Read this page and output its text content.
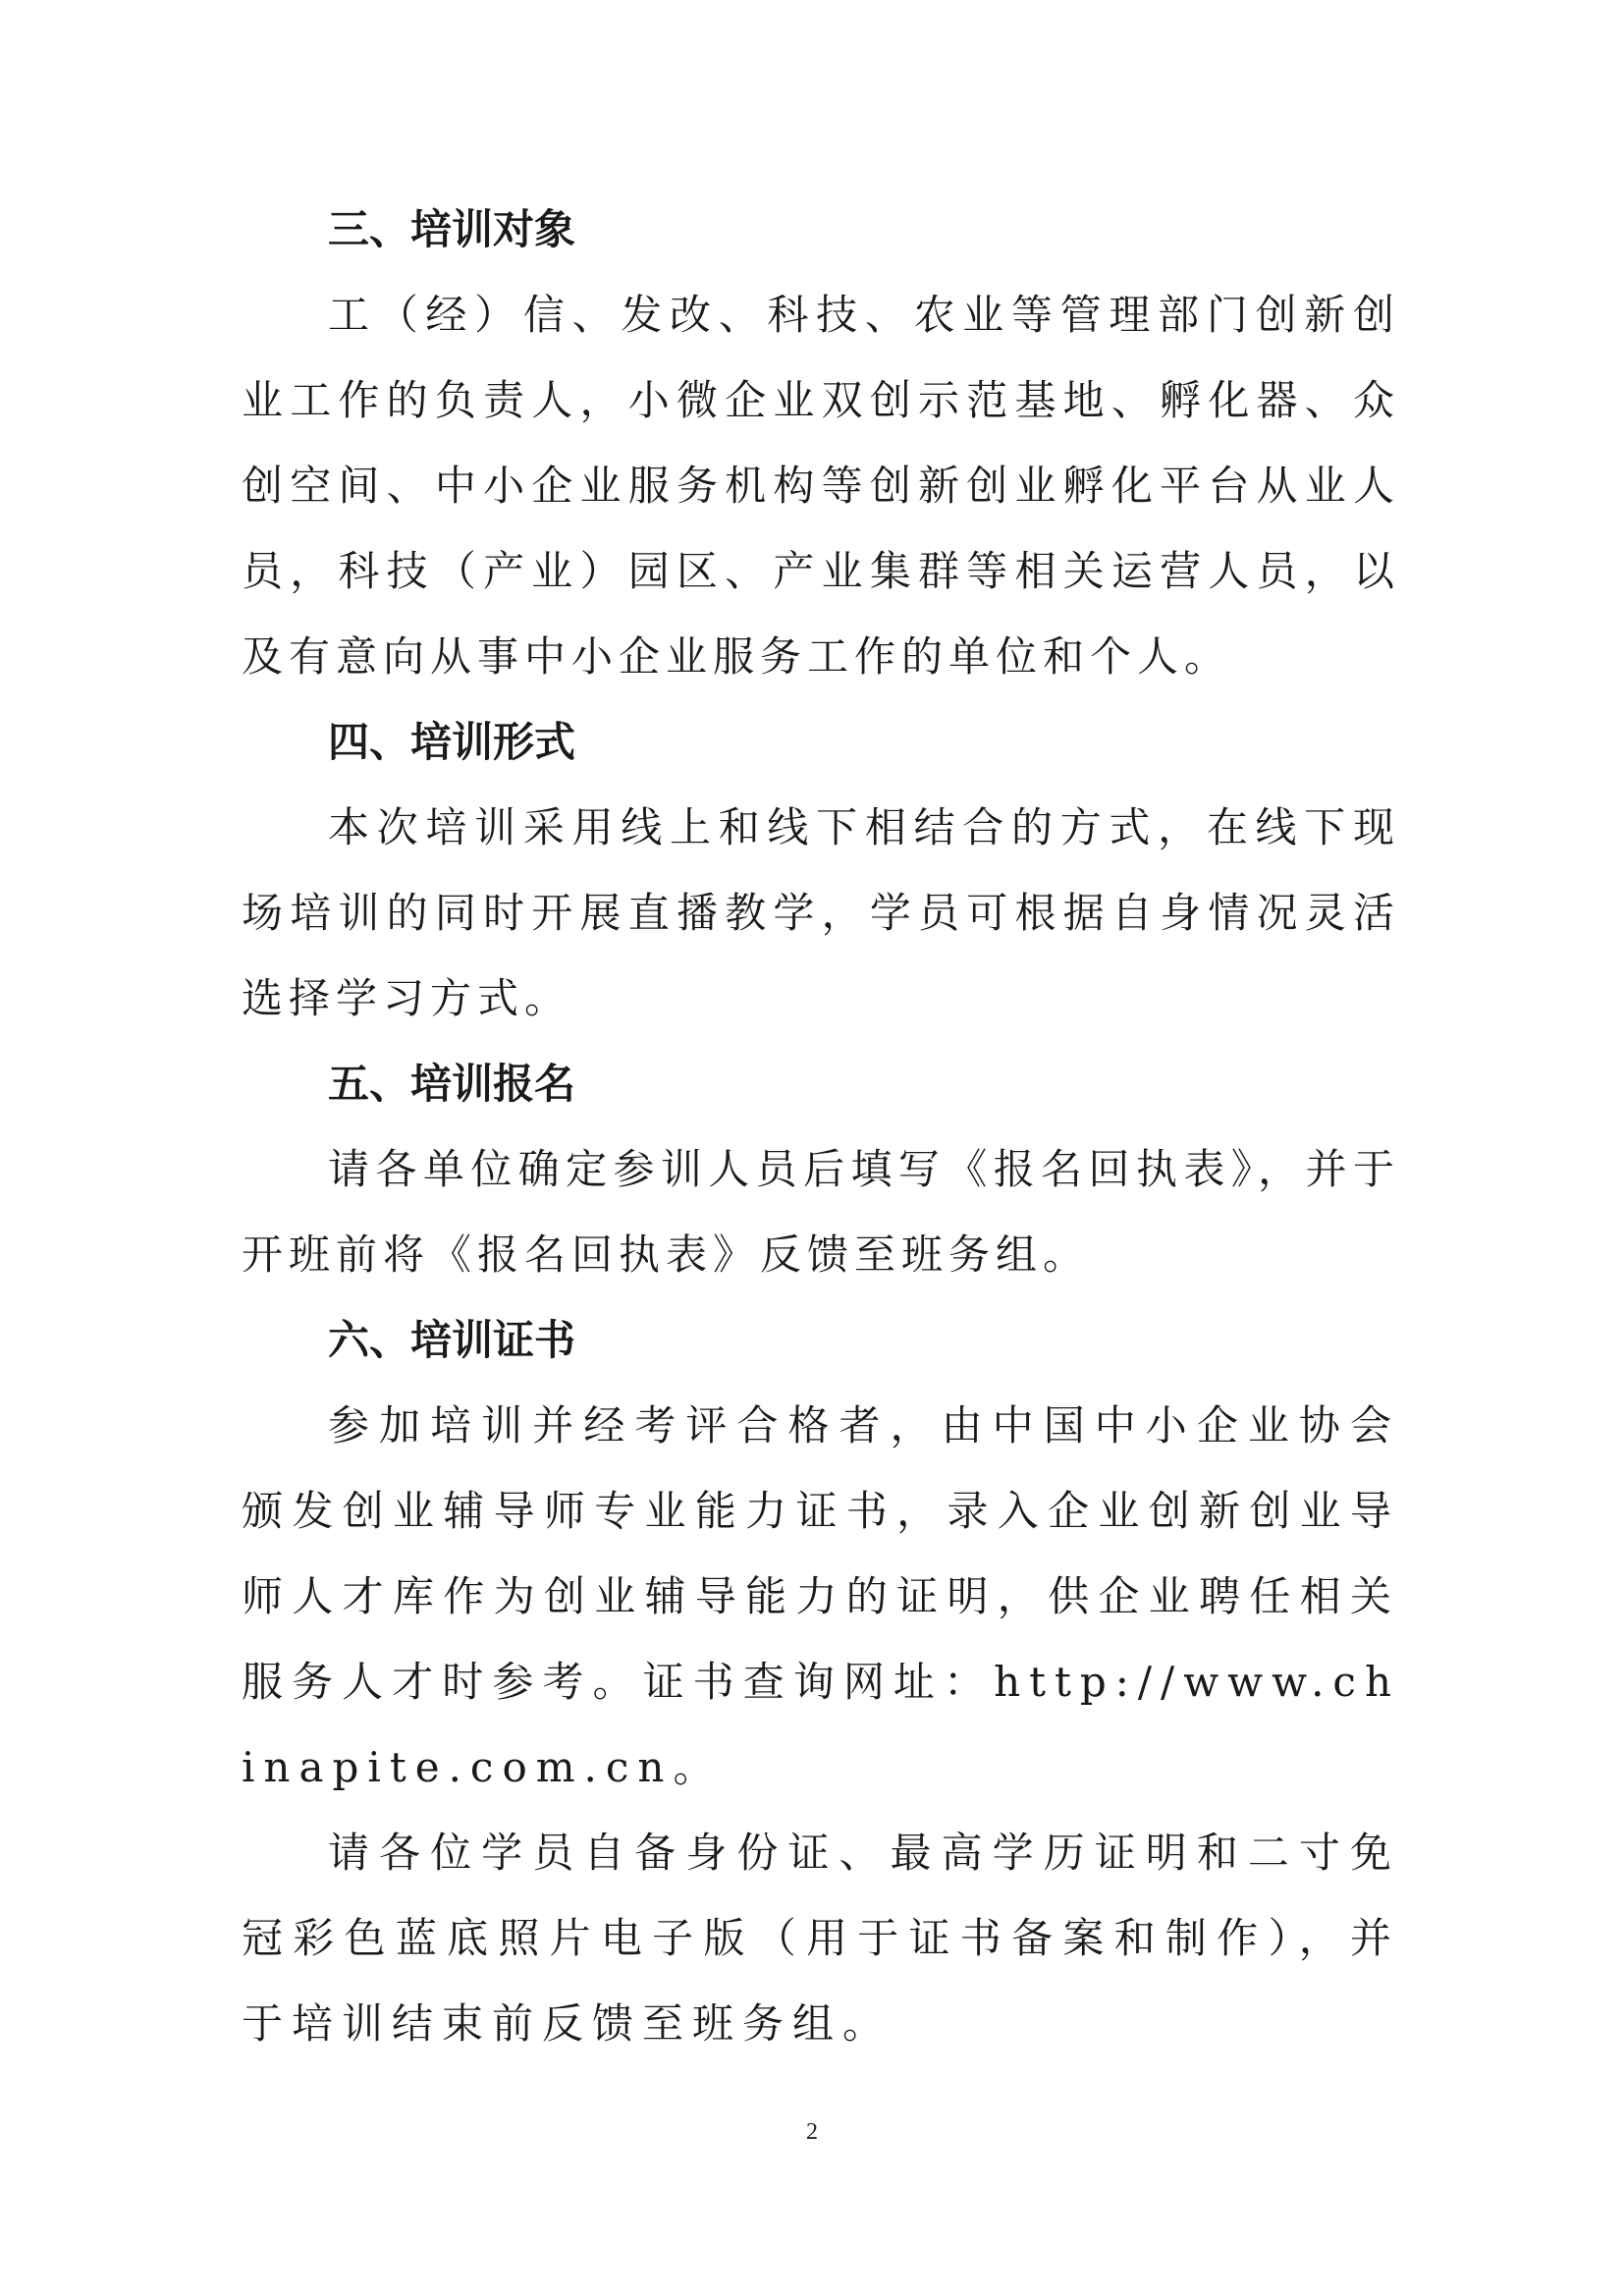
三、培训对象
工（经）信、发改、科技、农业等管理部门创新创业工作的负责人，小微企业双创示范基地、孵化器、众创空间、中小企业服务机构等创新创业孵化平台从业人员，科技（产业）园区、产业集群等相关运营人员，以及有意向从事中小企业服务工作的单位和个人。
四、培训形式
本次培训采用线上和线下相结合的方式，在线下现场培训的同时开展直播教学，学员可根据自身情况灵活选择学习方式。
五、培训报名
请各单位确定参训人员后填写《报名回执表》，并于开班前将《报名回执表》反馈至班务组。
六、培训证书
参加培训并经考评合格者，由中国中小企业协会颁发创业辅导师专业能力证书，录入企业创新创业导师人才库作为创业辅导能力的证明，供企业聘任相关服务人才时参考。证书查询网址：http://www.chinapite.com.cn。
请各位学员自备身份证、最高学历证明和二寸免冠彩色蓝底照片电子版（用于证书备案和制作），并于培训结束前反馈至班务组。
2
